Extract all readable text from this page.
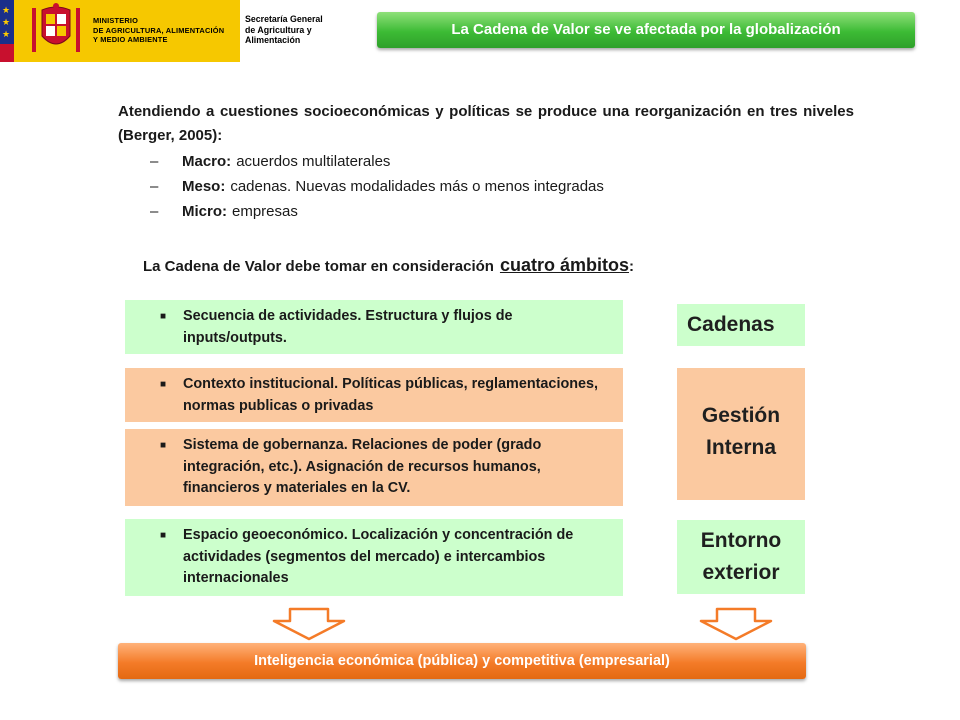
★
★
★
MINISTERIO
DE AGRICULTURA, ALIMENTACIÓN
Y MEDIO AMBIENTE
Secretaría General
de Agricultura y
Alimentación
La Cadena de Valor se ve afectada por la globalización
Atendiendo a cuestiones socioeconómicas y políticas se produce una reorganización en tres niveles (Berger, 2005):
–	Macro: acuerdos multilaterales
–	Meso: cadenas. Nuevas modalidades más o menos integradas
–	Micro: empresas
La Cadena de Valor debe tomar en consideración cuatro ámbitos:
■ Secuencia de actividades. Estructura y flujos de inputs/outputs.
■ Contexto institucional. Políticas públicas, reglamentaciones, normas publicas o privadas
■ Sistema de gobernanza. Relaciones de poder (grado integración, etc.). Asignación de recursos humanos, financieros y materiales en la CV.
■ Espacio geoeconómico. Localización y concentración de actividades (segmentos del mercado) e intercambios internacionales
Cadenas
Gestión
Interna
Entorno
exterior
Inteligencia económica (pública) y competitiva (empresarial)
